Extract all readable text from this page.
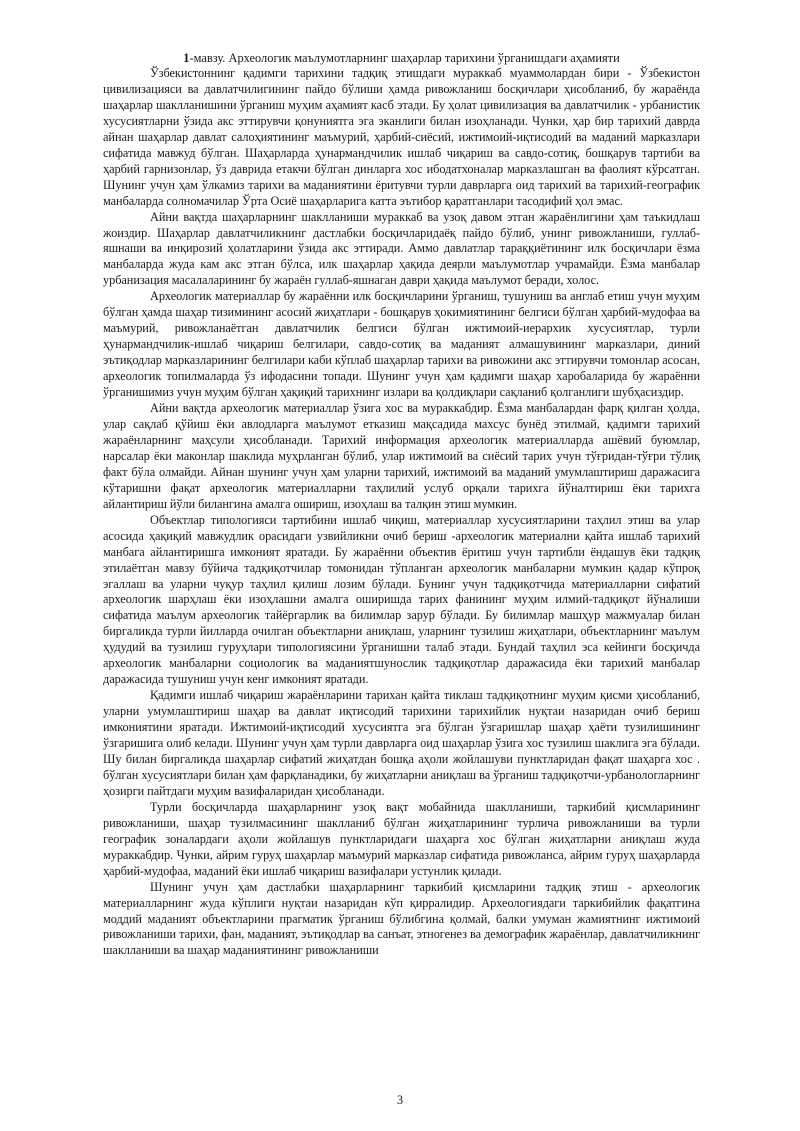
1-мавзу. Археологик маълумотларнинг шаҳарлар тарихини ўрганишдаги аҳамияти

Ўзбекистоннинг қадимги тарихини тадқиқ этишдаги мураккаб муаммолардан бири - Ўзбекистон цивилизацияси ва давлатчилигининг пайдо бўлиши ҳамда ривожланиш босқичлари ҳисобланиб, бу жараёнда шаҳарлар шаклланишини ўрганиш муҳим аҳамият касб этади. Бу ҳолат цивилизация ва давлатчилик - урбанистик хусусиятларни ўзида акс эттирувчи қонуниятга эга эканлиги билан изоҳланади. Чунки, ҳар бир тарихий даврда айнан шаҳарлар давлат салоҳиятининг маъмурий, ҳарбий-сиёсий, ижтимоий-иқтисодий ва маданий марказлари сифатида мавжуд бўлган. Шаҳарларда ҳунармандчилик ишлаб чиқариш ва савдо-сотиқ, бошқарув тартиби ва ҳарбий гарнизонлар, ўз даврида етакчи бўлган динларга хос ибодатхоналар марказлашган ва фаолият кўрсатган. Шунинг учун ҳам ўлкамиз тарихи ва маданиятини ёритувчи турли даврларга оид тарихий ва тарихий-географик манбаларда солномачилар Ўрта Осиё шаҳарларига катта эътибор қаратганлари тасодифий ҳол эмас.

Айни вақтда шаҳарларнинг шаклланиши мураккаб ва узоқ давом этган жараёнлигини ҳам таъкидлаш жоиздир. Шаҳарлар давлатчиликнинг дастлабки босқичларидаёқ пайдо бўлиб, унинг ривожланиши, гуллаб-яшнаши ва инқирозий ҳолатларини ўзида акс эттиради. Аммо давлатлар тараққиётининг илк босқичлари ёзма манбаларда жуда кам акс этган бўлса, илк шаҳарлар ҳақида деярли маълумотлар учрамайди. Ёзма манбалар урбанизация масалаларининг бу жараён гуллаб-яшнаган даври ҳақида маълумот беради, холос.

Археологик материаллар бу жараённи илк босқичларини ўрганиш, тушуниш ва англаб етиш учун муҳим бўлган ҳамда шаҳар тизимининг асосий жиҳатлари - бошқарув ҳокимиятининг белгиси бўлган ҳарбий-мудофаа ва маъмурий, ривожланаётган давлатчилик белгиси бўлган ижтимоий-иерархик хусусиятлар, турли ҳунармандчилик-ишлаб чиқариш белгилари, савдо-сотиқ ва маданият алмашувининг марказлари, диний эътиқодлар марказларининг белгилари каби кўплаб шаҳарлар тарихи ва ривожини акс эттирувчи томонлар асосан, археологик топилмаларда ўз ифодасини топади. Шунинг учун ҳам қадимги шаҳар харобаларида бу жараённи ўрганишимиз учун муҳим бўлган ҳақиқий тарихнинг излари ва қолдиқлари сақланиб қолганлиги шубҳасиздир.

Айни вақтда археологик материаллар ўзига хос ва мураккабдир. Ёзма манбалардан фарқ қилган ҳолда, улар сақлаб қўйиш ёки авлодларга маълумот етказиш мақсадида махсус бунёд этилмай, қадимги тарихий жараёнларнинг маҳсули ҳисобланади. Тарихий информация археологик материалларда ашёвий буюмлар, нарсалар ёки маконлар шаклида муҳрланган бўлиб, улар ижтимоий ва сиёсий тарих учун тўғридан-тўғри тўлиқ факт бўла олмайди. Айнан шунинг учун ҳам уларни тарихий, ижтимоий ва маданий умумлаштириш даражасига кўтаришни фақат археологик материалларни таҳлилий услуб орқали тарихга йўналтириш ёки тарихга айлантириш йўли билангина амалга ошириш, изоҳлаш ва талқин этиш мумкин.

Объектлар типологияси тартибини ишлаб чиқиш, материаллар хусусиятларини таҳлил этиш ва улар асосида ҳақиқий мавжудлик орасидаги узвийликни очиб бериш -археологик материални қайта ишлаб тарихий манбага айлантиришга имконият яратади. Бу жараённи объектив ёритиш учун тартибли ёндашув ёки тадқиқ этилаётган мавзу бўйича тадқиқотчилар томонидан тўпланган археологик манбаларни мумкин қадар кўпроқ эгаллаш ва уларни чуқур таҳлил қилиш лозим бўлади. Бунинг учун тадқиқотчида материалларни сифатий археологик шарҳлаш ёки изоҳлашни амалга оширишда тарих фанининг муҳим илмий-тадқиқот йўналиши сифатида маълум археологик тайёргарлик ва билимлар зарур бўлади. Бу билимлар машҳур мажмуалар билан биргаликда турли йилларда очилган объектларни аниқлаш, уларнинг тузилиш жиҳатлари, объектларнинг маълум ҳудудий ва тузилиш гуруҳлари типологиясини ўрганишни талаб этади. Бундай таҳлил эса кейинги босқичда археологик манбаларни социологик ва маданиятшунослик тадқиқотлар даражасида ёки тарихий манбалар даражасида тушуниш учун кенг имконият яратади.

Қадимги ишлаб чиқариш жараёнларини тарихан қайта тиклаш тадқиқотнинг муҳим қисми ҳисобланиб, уларни умумлаштириш шаҳар ва давлат иқтисодий тарихини тарихийлик нуқтаи назаридан очиб бериш имкониятини яратади. Ижтимоий-иқтисодий хусусиятга эга бўлган ўзгаришлар шаҳар ҳаёти тузилишининг ўзгаришига олиб келади. Шунинг учун ҳам турли даврларга оид шаҳарлар ўзига хос тузилиш шаклига эга бўлади. Шу билан биргаликда шаҳарлар сифатий жиҳатдан бошқа аҳоли жойлашуви пунктларидан фақат шаҳарга хос . бўлган хусусиятлари билан ҳам фарқланадики, бу жиҳатларни аниқлаш ва ўрганиш тадқиқотчи-урбанологларнинг ҳозирги пайтдаги муҳим вазифаларидан ҳисобланади.

Турли босқичларда шаҳарларнинг узоқ вақт мобайнида шаклланиши, таркибий қисмларининг ривожланиши, шаҳар тузилмасининг шаклланиб бўлган жиҳатларининг турлича ривожланиши ва турли географик зоналардаги аҳоли жойлашув пунктларидаги шаҳарга хос бўлган жиҳатларни аниқлаш жуда мураккабдир. Чунки, айрим гуруҳ шаҳарлар маъмурий марказлар сифатида ривожланса, айрим гуруҳ шаҳарларда ҳарбий-мудофаа, маданий ёки ишлаб чиқариш вазифалари устунлик қилади.

Шунинг учун ҳам дастлабки шаҳарларнинг таркибий қисмларини тадқиқ этиш - археологик материалларнинг жуда кўплиги нуқтаи назаридан кўп қирралидир. Археологиядаги таркибийлик фақатгина моддий маданият объектларини прагматик ўрганиш бўлибгина қолмай, балки умуман жамиятнинг ижтимоий ривожланиши тарихи, фан, маданият, эътиқодлар ва санъат, этногенез ва демографик жараёнлар, давлатчиликнинг шаклланиши ва шаҳар маданиятининг ривожланиши

3
